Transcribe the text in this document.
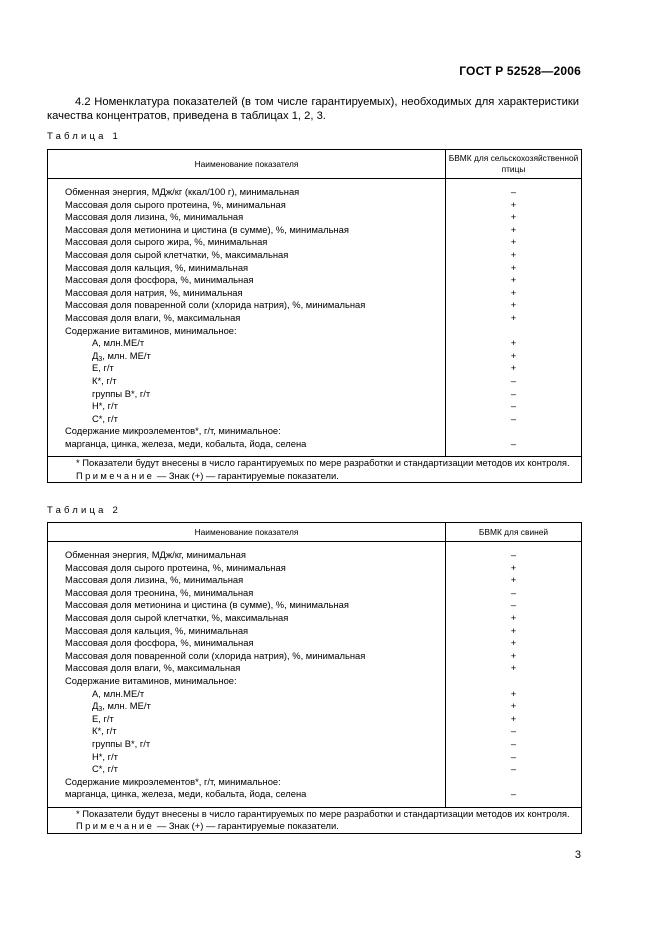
ГОСТ Р 52528—2006
4.2 Номенклатура показателей (в том числе гарантируемых), необходимых для характеристики качества концентратов, приведена в таблицах 1, 2, 3.
Таблица 1
Наименование показателя	БВМК для сельскохозяйственной птицы

Обменная энергия, МДж/кг (ккал/100 г), минимальная	–
Массовая доля сырого протеина, %, минимальная	+
Массовая доля лизина, %, минимальная	+
Массовая доля метионина и цистина (в сумме), %, минимальная	+
Массовая доля сырого жира, %, минимальная	+
Массовая доля сырой клетчатки, %, максимальная	+
Массовая доля кальция, %, минимальная	+
Массовая доля фосфора, %, минимальная	+
Массовая доля натрия, %, минимальная	+
Массовая доля поваренной соли (хлорида натрия), %, минимальная	+
Массовая доля влаги, %, максимальная	+
Содержание витаминов, минимальное:	
А, млн.МЕ/т	+
$Д_3$, млн. МЕ/т	+
Е, г/т	+
К*, г/т	–
группы В*, г/т	–
Н*, г/т	–
С*, г/т	–
Содержание микроэлементов*, г/т, минимальное:	
марганца, цинка, железа, меди, кобальта, йода, селена	–

* Показатели будут внесены в число гарантируемых по мере разработки и стандартизации методов их контроля.
Примечание — Знак (+) — гарантируемые показатели.	
Таблица 2
Наименование показателя	БВМК для свиней

Обменная энергия, МДж/кг, минимальная	–
Массовая доля сырого протеина, %, минимальная	+
Массовая доля лизина, %, минимальная	+
Массовая доля треонина, %, минимальная	–
Массовая доля метионина и цистина (в сумме), %, минимальная	–
Массовая доля сырой клетчатки, %, максимальная	+
Массовая доля кальция, %, минимальная	+
Массовая доля фосфора, %, минимальная	+
Массовая доля поваренной соли (хлорида натрия), %, минимальная	+
Массовая доля влаги, %, максимальная	+
Содержание витаминов, минимальное:	
А, млн.МЕ/т	+
$Д_3$, млн. МЕ/т	+
Е, г/т	+
К*, г/т	–
группы В*, г/т	–
Н*, г/т	–
С*, г/т	–
Содержание микроэлементов*, г/т, минимальное:	
марганца, цинка, железа, меди, кобальта, йода, селена	–

* Показатели будут внесены в число гарантируемых по мере разработки и стандартизации методов их контроля.
Примечание — Знак (+) — гарантируемые показатели.	
3
